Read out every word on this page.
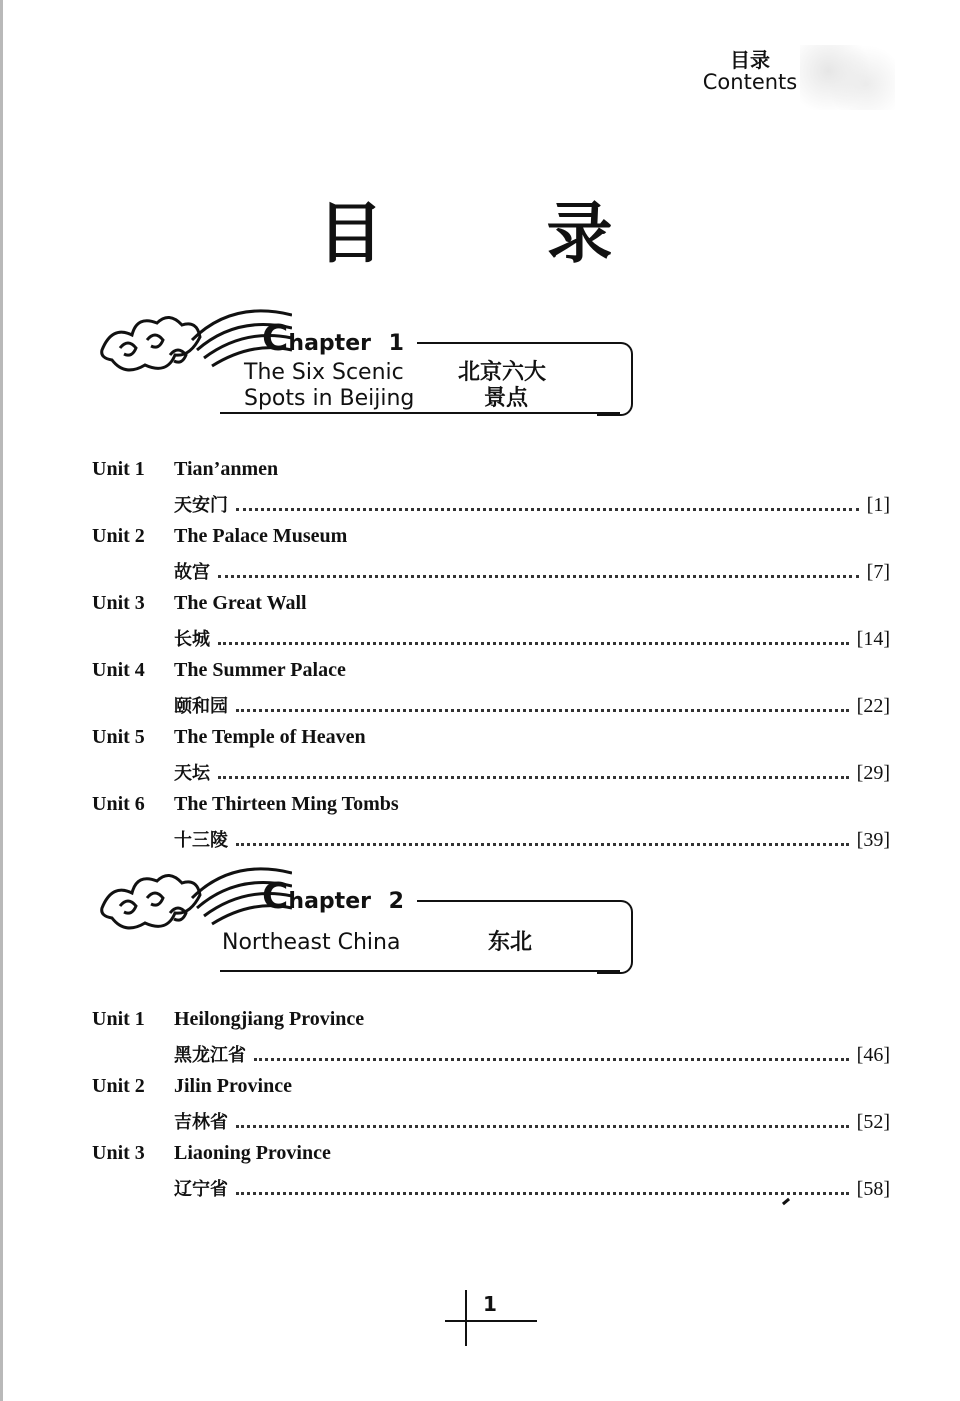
目录
Contents
目 录
Chapter 1
The Six Scenic
Spots in Beijing
北京六大
景点
Unit 1 Tian’anmen
天安门	[1]
Unit 2 The Palace Museum
故宫	[7]
Unit 3 The Great Wall
长城	[14]
Unit 4 The Summer Palace
颐和园	[22]
Unit 5 The Temple of Heaven
天坛	[29]
Unit 6 The Thirteen Ming Tombs
十三陵	[39]
Chapter 2
Northeast China	东北
Unit 1 Heilongjiang Province
黑龙江省	[46]
Unit 2 Jilin Province
吉林省	[52]
Unit 3 Liaoning Province
辽宁省	[58]
1
